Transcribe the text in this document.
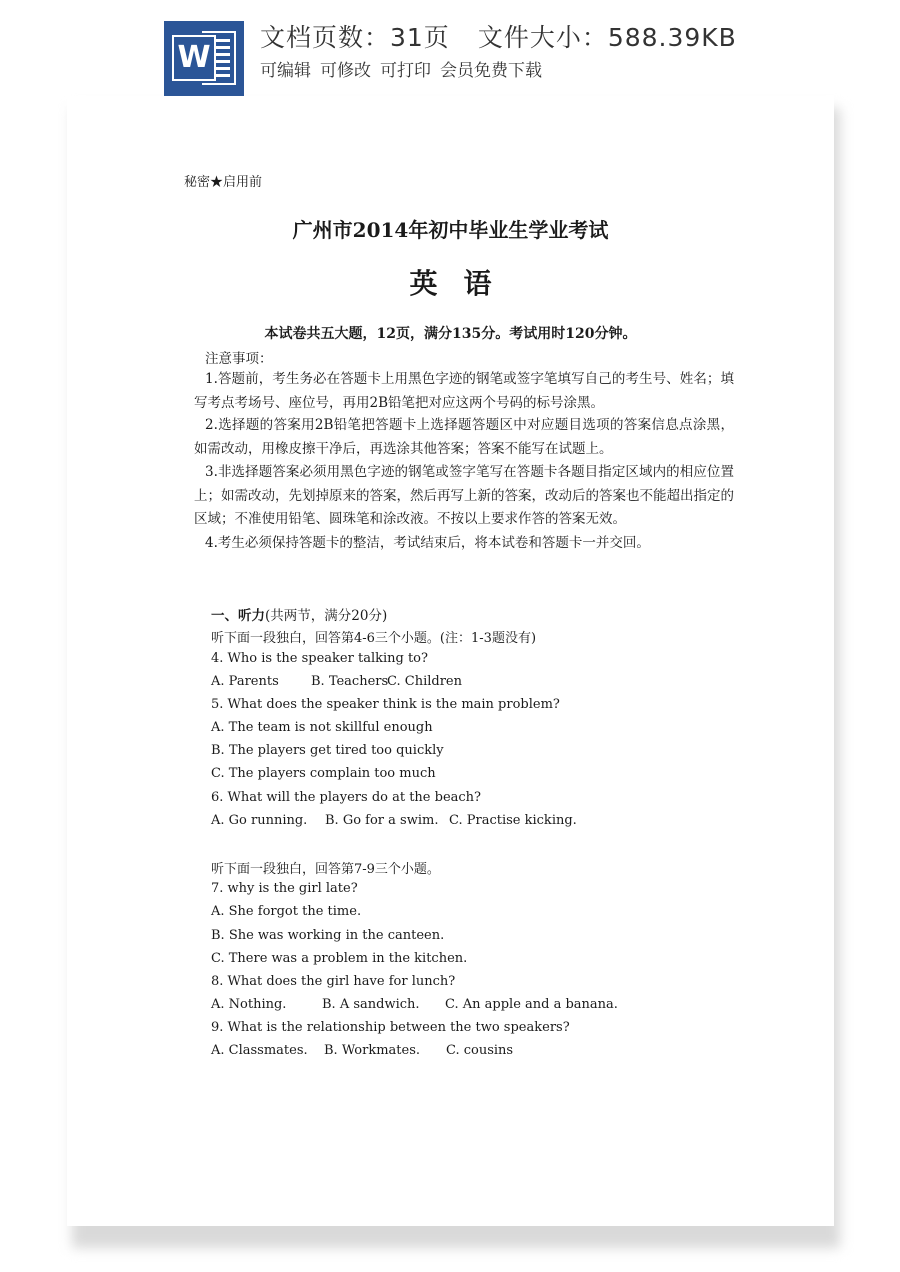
W
文档页数：31页 文件大小：588.39KB
可编辑 可修改 可打印 会员免费下载
秘密★启用前
广州市2014年初中毕业生学业考试
英语
本试卷共五大题，12页，满分135分。考试用时120分钟。
注意事项：
1.答题前，考生务必在答题卡上用黑色字迹的钢笔或签字笔填写自己的考生号、姓名；填写考点考场号、座位号，再用2B铅笔把对应这两个号码的标号涂黑。
2.选择题的答案用2B铅笔把答题卡上选择题答题区中对应题目选项的答案信息点涂黑，如需改动，用橡皮擦干净后，再选涂其他答案；答案不能写在试题上。
3.非选择题答案必须用黑色字迹的钢笔或签字笔写在答题卡各题目指定区域内的相应位置上；如需改动，先划掉原来的答案，然后再写上新的答案，改动后的答案也不能超出指定的区域；不准使用铅笔、圆珠笔和涂改液。不按以上要求作答的答案无效。
4.考生必须保持答题卡的整洁，考试结束后，将本试卷和答题卡一并交回。
一、听力(共两节，满分20分)
听下面一段独白，回答第4-6三个小题。(注：1-3题没有)
4. Who is the speaker talking to?
A. Parents B. TeachersC. Children
5. What does the speaker think is the main problem?
A. The team is not skillful enough
B. The players get tired too quickly
C. The players complain too much
6. What will the players do at the beach?
A. Go running. B. Go for a swim. C. Practise kicking.
听下面一段独白，回答第7-9三个小题。
7. why is the girl late?
A. She forgot the time.
B. She was working in the canteen.
C. There was a problem in the kitchen.
8. What does the girl have for lunch?
A. Nothing.	B. A sandwich. C. An apple and a banana.
9. What is the relationship between the two speakers?
A. Classmates. B. Workmates. C. cousins
